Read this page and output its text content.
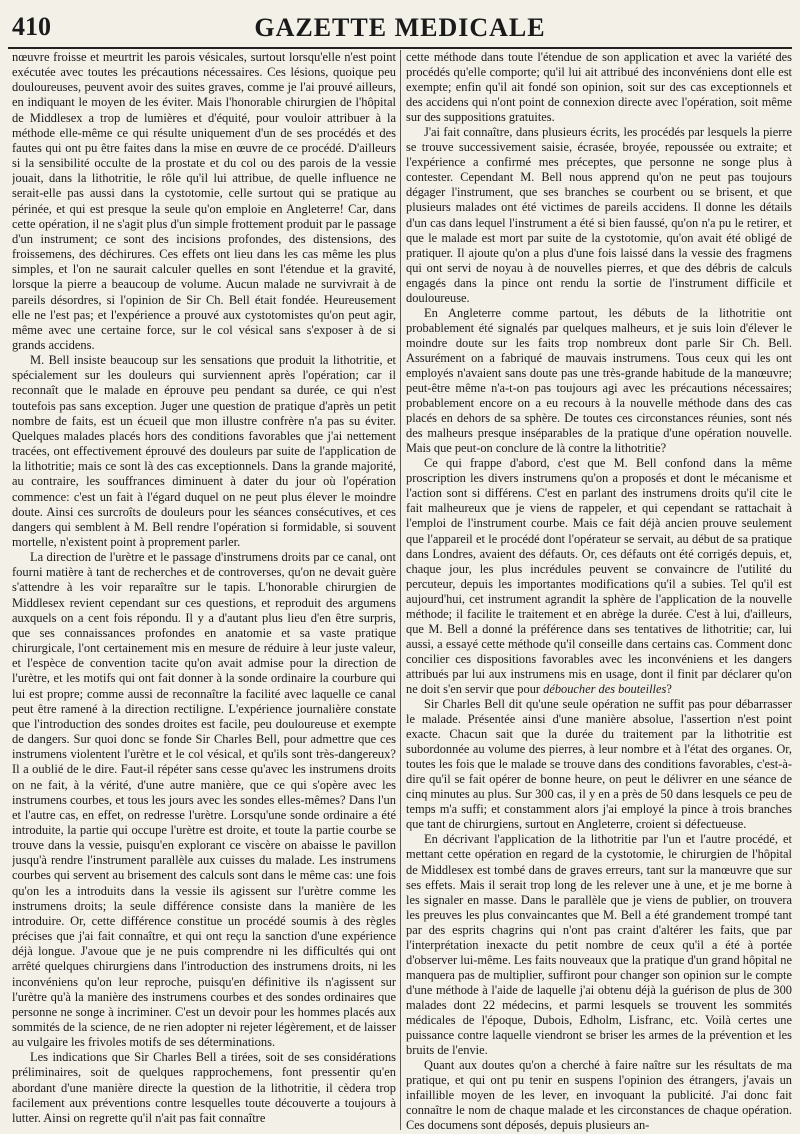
410	GAZETTE MEDICALE

nœuvre froisse et meurtrit les parois vésicales, surtout lorsqu'elle n'est point exécutée avec toutes les précautions nécessaires. Ces lésions, quoique peu douloureuses, peuvent avoir des suites graves, comme je l'ai prouvé ailleurs, en indiquant le moyen de les éviter. Mais l'honorable chirurgien de l'hôpital de Middlesex a trop de lumières et d'équité, pour vouloir attribuer à la méthode elle-même ce qui résulte uniquement d'un de ses procédés et des fautes qui ont pu être faites dans la mise en œuvre de ce procédé. D'ailleurs si la sensibilité occulte de la prostate et du col ou des parois de la vessie jouait, dans la lithotritie, le rôle qu'il lui attribue, de quelle influence ne serait-elle pas aussi dans la cystotomie, celle surtout qui se pratique au périnée, et qui est presque la seule qu'on emploie en Angleterre! Car, dans cette opération, il ne s'agit plus d'un simple frottement produit par le passage d'un instrument; ce sont des incisions profondes, des distensions, des froissemens, des déchirures. Ces effets ont lieu dans les cas même les plus simples, et l'on ne saurait calculer quelles en sont l'étendue et la gravité, lorsque la pierre a beaucoup de volume. Aucun malade ne survivrait à de pareils désordres, si l'opinion de Sir Ch. Bell était fondée. Heureusement elle ne l'est pas; et l'expérience a prouvé aux cystotomistes qu'on peut agir, même avec une certaine force, sur le col vésical sans s'exposer à de si grands accidens.

M. Bell insiste beaucoup sur les sensations que produit la lithotritie, et spécialement sur les douleurs qui surviennent après l'opération; car il reconnaît que le malade en éprouve peu pendant sa durée, ce qui n'est toutefois pas sans exception. Juger une question de pratique d'après un petit nombre de faits, est un écueil que mon illustre confrère n'a pas su éviter. Quelques malades placés hors des conditions favorables que j'ai nettement tracées, ont effectivement éprouvé des douleurs par suite de l'application de la lithotritie; mais ce sont là des cas exceptionnels. Dans la grande majorité, au contraire, les souffrances diminuent à dater du jour où l'opération commence: c'est un fait à l'égard duquel on ne peut plus élever le moindre doute. Ainsi ces surcroîts de douleurs pour les séances consécutives, et ces dangers qui semblent à M. Bell rendre l'opération si formidable, si souvent mortelle, n'existent point à proprement parler.

La direction de l'urètre et le passage d'instrumens droits par ce canal, ont fourni matière à tant de recherches et de controverses, qu'on ne devait guère s'attendre à les voir reparaître sur le tapis. L'honorable chirurgien de Middlesex revient cependant sur ces questions, et reproduit des argumens auxquels on a cent fois répondu. Il y a d'autant plus lieu d'en être surpris, que ses connaissances profondes en anatomie et sa vaste pratique chirurgicale, l'ont certainement mis en mesure de réduire à leur juste valeur, et l'espèce de convention tacite qu'on avait admise pour la direction de l'urètre, et les motifs qui ont fait donner à la sonde ordinaire la courbure qui lui est propre; comme aussi de reconnaître la facilité avec laquelle ce canal peut être ramené à la direction rectiligne. L'expérience journalière constate que l'introduction des sondes droites est facile, peu douloureuse et exempte de dangers. Sur quoi donc se fonde Sir Charles Bell, pour admettre que ces instrumens violentent l'urètre et le col vésical, et qu'ils sont très-dangereux? Il a oublié de le dire. Faut-il répéter sans cesse qu'avec les instrumens droits on ne fait, à la vérité, d'une autre manière, que ce qui s'opère avec les instrumens courbes, et tous les jours avec les sondes elles-mêmes? Dans l'un et l'autre cas, en effet, on redresse l'urètre. Lorsqu'une sonde ordinaire a été introduite, la partie qui occupe l'urètre est droite, et toute la partie courbe se trouve dans la vessie, puisqu'en explorant ce viscère on abaisse le pavillon jusqu'à rendre l'instrument parallèle aux cuisses du malade. Les instrumens courbes qui servent au brisement des calculs sont dans le même cas: une fois qu'on les a introduits dans la vessie ils agissent sur l'urètre comme les instrumens droits; la seule différence consiste dans la manière de les introduire. Or, cette différence constitue un procédé soumis à des règles précises que j'ai fait connaître, et qui ont reçu la sanction d'une expérience déjà longue. J'avoue que je ne puis comprendre ni les difficultés qui ont arrêté quelques chirurgiens dans l'introduction des instrumens droits, ni les inconvéniens qu'on leur reproche, puisqu'en définitive ils n'agissent sur l'urètre qu'à la manière des instrumens courbes et des sondes ordinaires que personne ne songe à incriminer. C'est un devoir pour les hommes placés aux sommités de la science, de ne rien adopter ni rejeter légèrement, et de laisser au vulgaire les frivoles motifs de ses déterminations.

Les indications que Sir Charles Bell a tirées, soit de ses considérations préliminaires, soit de quelques rapprochemens, font pressentir qu'en abordant d'une manière directe la question de la lithotritie, il cèdera trop facilement aux préventions contre lesquelles toute découverte a toujours à lutter. Ainsi on regrette qu'il n'ait pas fait connaître

cette méthode dans toute l'étendue de son application et avec la variété des procédés qu'elle comporte; qu'il lui ait attribué des inconvéniens dont elle est exempte; enfin qu'il ait fondé son opinion, soit sur des cas exceptionnels et des accidens qui n'ont point de connexion directe avec l'opération, soit même sur des suppositions gratuites.

J'ai fait connaître, dans plusieurs écrits, les procédés par lesquels la pierre se trouve successivement saisie, écrasée, broyée, repoussée ou extraite; et l'expérience a confirmé mes préceptes, que personne ne songe plus à contester. Cependant M. Bell nous apprend qu'on ne peut pas toujours dégager l'instrument, que ses branches se courbent ou se brisent, et que plusieurs malades ont été victimes de pareils accidens. Il donne les détails d'un cas dans lequel l'instrument a été si bien faussé, qu'on n'a pu le retirer, et que le malade est mort par suite de la cystotomie, qu'on avait été obligé de pratiquer. Il ajoute qu'on a plus d'une fois laissé dans la vessie des fragmens qui ont servi de noyau à de nouvelles pierres, et que des débris de calculs engagés dans la pince ont rendu la sortie de l'instrument difficile et douloureuse.

En Angleterre comme partout, les débuts de la lithotritie ont probablement été signalés par quelques malheurs, et je suis loin d'élever le moindre doute sur les faits trop nombreux dont parle Sir Ch. Bell. Assurément on a fabriqué de mauvais instrumens. Tous ceux qui les ont employés n'avaient sans doute pas une très-grande habitude de la manœuvre; peut-être même n'a-t-on pas toujours agi avec les précautions nécessaires; probablement encore on a eu recours à la nouvelle méthode dans des cas placés en dehors de sa sphère. De toutes ces circonstances réunies, sont nés des malheurs presque inséparables de la pratique d'une opération nouvelle. Mais que peut-on conclure de là contre la lithotritie?

Ce qui frappe d'abord, c'est que M. Bell confond dans la même proscription les divers instrumens qu'on a proposés et dont le mécanisme et l'action sont si différens. C'est en parlant des instrumens droits qu'il cite le fait malheureux que je viens de rappeler, et qui cependant se rattachait à l'emploi de l'instrument courbe. Mais ce fait déjà ancien prouve seulement que l'appareil et le procédé dont l'opérateur se servait, au début de sa pratique dans Londres, avaient des défauts. Or, ces défauts ont été corrigés depuis, et, chaque jour, les plus incrédules peuvent se convaincre de l'utilité du percuteur, depuis les importantes modifications qu'il a subies. Tel qu'il est aujourd'hui, cet instrument agrandit la sphère de l'application de la nouvelle méthode; il facilite le traitement et en abrège la durée. C'est à lui, d'ailleurs, que M. Bell a donné la préférence dans ses tentatives de lithotritie; car, lui aussi, a essayé cette méthode qu'il conseille dans certains cas. Comment donc concilier ces dispositions favorables avec les inconvéniens et les dangers attribués par lui aux instrumens mis en usage, dont il finit par déclarer qu'on ne doit s'en servir que pour déboucher des bouteilles?

Sir Charles Bell dit qu'une seule opération ne suffit pas pour débarrasser le malade. Présentée ainsi d'une manière absolue, l'assertion n'est point exacte. Chacun sait que la durée du traitement par la lithotritie est subordonnée au volume des pierres, à leur nombre et à l'état des organes. Or, toutes les fois que le malade se trouve dans des conditions favorables, c'est-à-dire qu'il se fait opérer de bonne heure, on peut le délivrer en une séance de cinq minutes au plus. Sur 300 cas, il y en a près de 50 dans lesquels ce peu de temps m'a suffi; et constamment alors j'ai employé la pince à trois branches que tant de chirurgiens, surtout en Angleterre, croient si défectueuse.

En décrivant l'application de la lithotritie par l'un et l'autre procédé, et mettant cette opération en regard de la cystotomie, le chirurgien de l'hôpital de Middlesex est tombé dans de graves erreurs, tant sur la manœuvre que sur ses effets. Mais il serait trop long de les relever une à une, et je me borne à les signaler en masse. Dans le parallèle que je viens de publier, on trouvera les preuves les plus convaincantes que M. Bell a été grandement trompé tant par des esprits chagrins qui n'ont pas craint d'altérer les faits, que par l'interprétation inexacte du petit nombre de ceux qu'il a été à portée d'observer lui-même. Les faits nouveaux que la pratique d'un grand hôpital ne manquera pas de multiplier, suffiront pour changer son opinion sur le compte d'une méthode à l'aide de laquelle j'ai obtenu déjà la guérison de plus de 300 malades dont 22 médecins, et parmi lesquels se trouvent les sommités médicales de l'époque, Dubois, Edholm, Lisfranc, etc. Voilà certes une puissance contre laquelle viendront se briser les armes de la prévention et les bruits de l'envie.

Quant aux doutes qu'on a cherché à faire naître sur les résultats de ma pratique, et qui ont pu tenir en suspens l'opinion des étrangers, j'avais un infaillible moyen de les lever, en invoquant la publicité. J'ai donc fait connaître le nom de chaque malade et les circonstances de chaque opération. Ces documens sont déposés, depuis plusieurs an-
